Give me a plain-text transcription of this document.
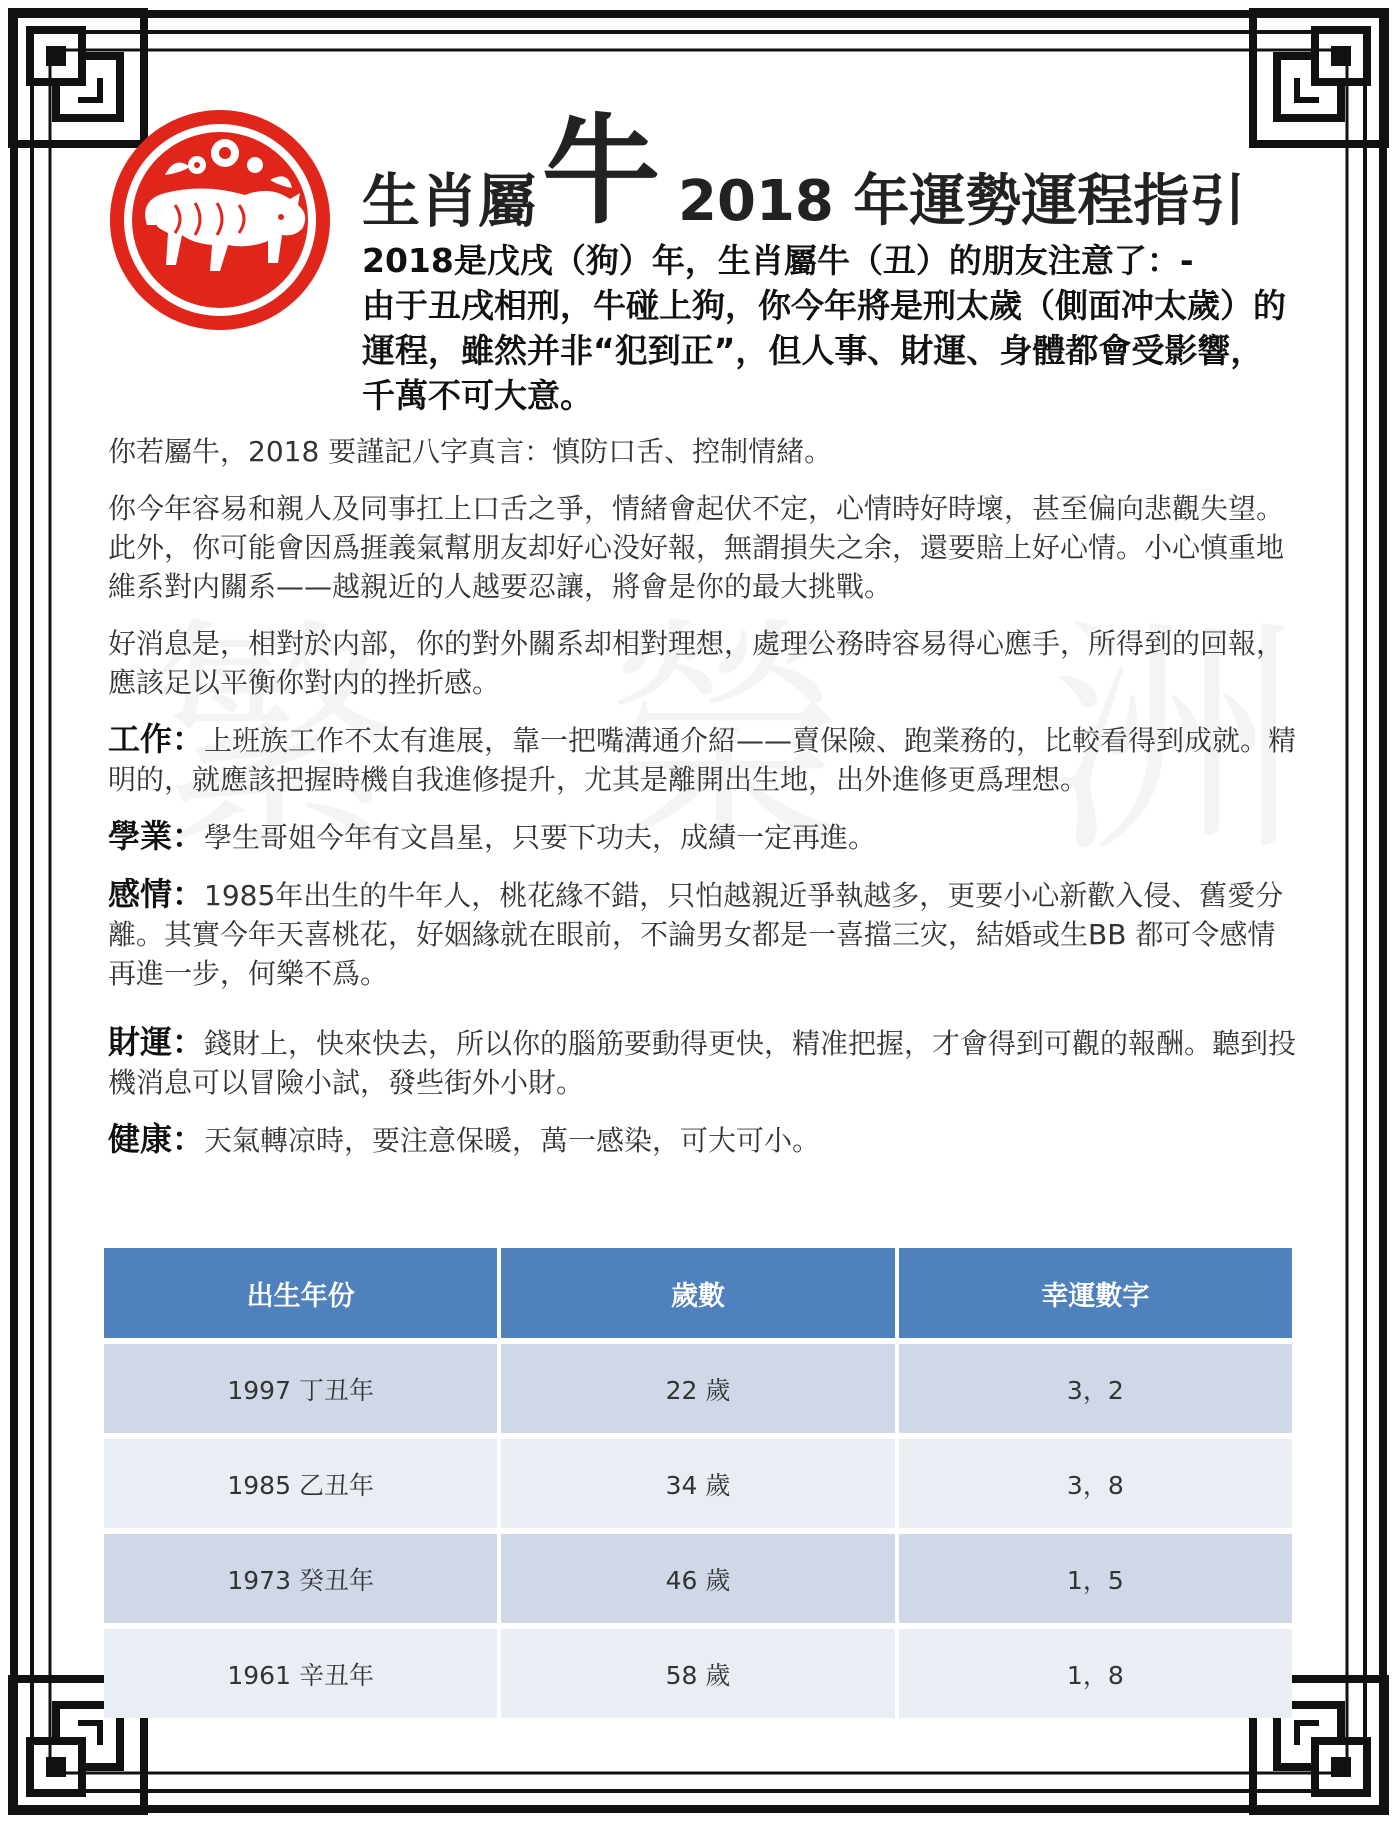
生肖屬 牛 2018 年運勢運程指引

2018是戊戌（狗）年，生肖屬牛（丑）的朋友注意了：-

由于丑戌相刑，牛碰上狗，你今年將是刑太歲（側面冲太歲）的運程，雖然并非“犯到正”，但人事、財運、身體都會受影響，千萬不可大意。

你若屬牛，2018 要謹記八字真言：慎防口舌、控制情緒。

你今年容易和親人及同事扛上口舌之爭，情緒會起伏不定，心情時好時壞，甚至偏向悲觀失望。此外，你可能會因爲捱義氣幫朋友却好心没好報，無謂損失之余，還要賠上好心情。小心慎重地維系對内關系——越親近的人越要忍讓，將會是你的最大挑戰。

好消息是，相對於内部，你的對外關系却相對理想，處理公務時容易得心應手，所得到的回報，應該足以平衡你對内的挫折感。

工作：上班族工作不太有進展，靠一把嘴溝通介紹——賣保險、跑業務的，比較看得到成就。精明的，就應該把握時機自我進修提升，尤其是離開出生地，出外進修更爲理想。

學業：學生哥姐今年有文昌星，只要下功夫，成績一定再進。

感情：1985年出生的牛年人，桃花緣不錯，只怕越親近爭執越多，更要小心新歡入侵、舊愛分離。其實今年天喜桃花，好姻緣就在眼前，不論男女都是一喜擋三灾，結婚或生BB 都可令感情再進一步，何樂不爲。

財運：錢財上，快來快去，所以你的腦筋要動得更快，精准把握，才會得到可觀的報酬。聽到投機消息可以冒險小試，發些街外小財。

健康：天氣轉凉時，要注意保暖，萬一感染，可大可小。

出生年份	歲數	幸運數字
1997 丁丑年	22 歲	3，2
1985 乙丑年	34 歲	3，8
1973 癸丑年	46 歲	1，5
1961 辛丑年	58 歲	1，8
